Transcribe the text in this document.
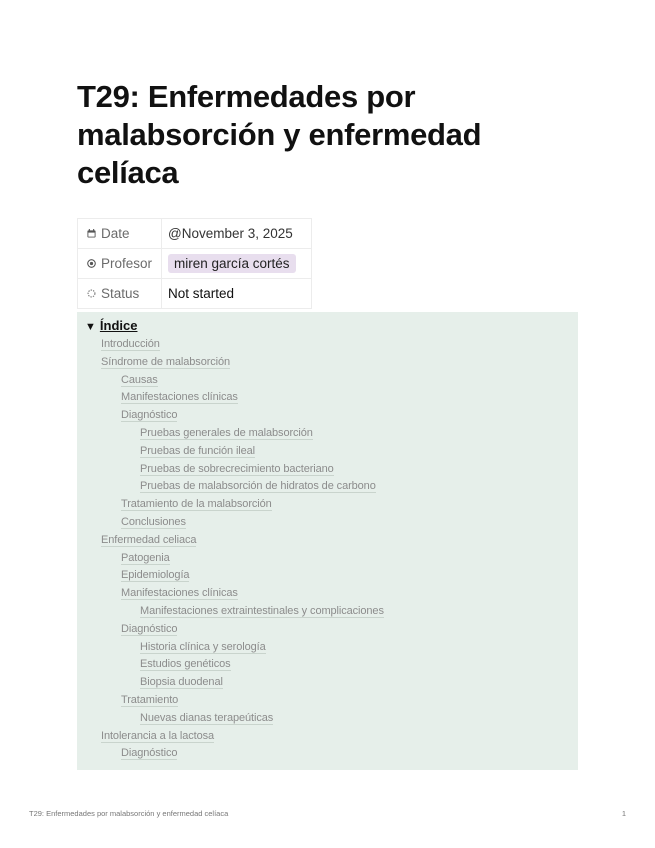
T29: Enfermedades por malabsorción y enfermedad celíaca
Date	@November 3, 2025
Profesor	miren garcía cortés
Status	Not started
▼ Índice
Introducción
Síndrome de malabsorción
Causas
Manifestaciones clínicas
Diagnóstico
Pruebas generales de malabsorción
Pruebas de función ileal
Pruebas de sobrecrecimiento bacteriano
Pruebas de malabsorción de hidratos de carbono
Tratamiento de la malabsorción
Conclusiones
Enfermedad celiaca
Patogenia
Epidemiología
Manifestaciones clínicas
Manifestaciones extraintestinales y complicaciones
Diagnóstico
Historia clínica y serología
Estudios genéticos
Biopsia duodenal
Tratamiento
Nuevas dianas terapeúticas
Intolerancia a la lactosa
Diagnóstico
T29: Enfermedades por malabsorción y enfermedad celíaca	1
